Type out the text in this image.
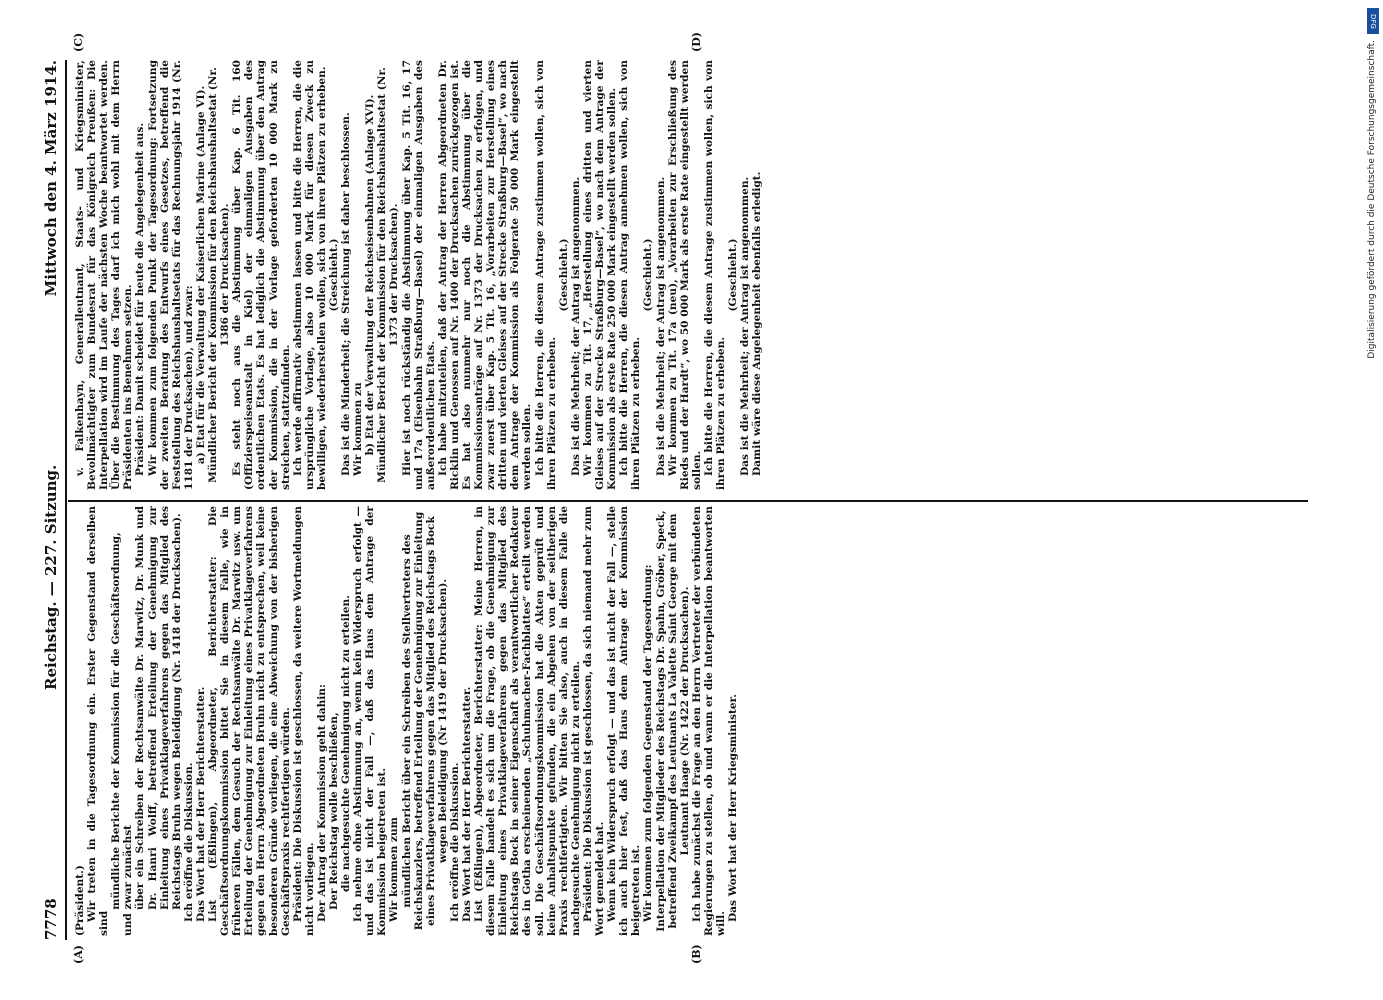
7778
Reichstag. — 227. Sitzung.
Mittwoch den 4. März 1914.
(A)	(B)
(C)	(D)

(Präsident.) Wir treten in die Tagesordnung ein. Erster Gegenstand derselben sind

mündliche Berichte der Kommission für die Geschäftsordnung, und zwar zunächst über ein Schreiben der Rechtsanwälte Dr. Marwitz, Dr. Munk und Dr. Hanri Wolff, betreffend Erteilung der Genehmigung zur Einleitung eines Privatklageverfahrens gegen das Mitglied des Reichstags Bruhn wegen Beleidigung (Nr. 1418 der Drucksachen). Ich eröffne die Diskussion. Das Wort hat der Herr Berichterstatter. List (Eßlingen), Abgeordneter, Berichterstatter: Die Geschäftsordnungskommission bittet Sie in diesem Falle, wie in früheren Fällen, dem Gesuch der Rechtsanwälte Dr. Marwitz usw. um Erteilung der Genehmigung zur Einleitung eines Privatklageverfahrens gegen den Herrn Abgeordneten Bruhn nicht zu entsprechen, weil keine besonderen Gründe vorliegen, die eine Abweichung von der bisherigen Geschäftspraxis rechtfertigen würden. Präsident: Die Diskussion ist geschlossen, da weitere Wortmeldungen nicht vorliegen. Der Antrag der Kommission geht dahin: Der Reichstag wolle beschließen, die nachgesuchte Genehmigung nicht zu erteilen. Ich nehme ohne Abstimmung an, wenn kein Widerspruch erfolgt — und das ist nicht der Fall —, daß das Haus dem Antrage der Kommission beigetreten ist. Wir kommen zum mündlichen Bericht über ein Schreiben des Stellvertreters des Reichskanzlers, betreffend Erteilung der Genehmigung zur Einleitung eines Privatklageverfahrens gegen das Mitglied des Reichstags Bock wegen Beleidigung (Nr 1419 der Drucksachen). Ich eröffne die Diskussion. Das Wort hat der Herr Berichterstatter. List (Eßlingen), Abgeordneter, Berichterstatter: Meine Herren, in diesem Falle handelt es sich um die Frage, ob die Genehmigung zur Einleitung eines Privatklageverfahrens gegen das Mitglied des Reichstags Bock in seiner Eigenschaft als verantwortlicher Redakteur des in Gotha erscheinenden „Schuhmacher-Fachblattes“ erteilt werden soll. Die Geschäftsordnungskommission hat die Akten geprüft und keine Anhaltspunkte gefunden, die ein Abgehen von der seitherigen Praxis rechtfertigten. Wir bitten Sie also, auch in diesem Falle die nachgesuchte Genehmigung nicht zu erteilen. Präsident: Die Diskussion ist geschlossen, da sich niemand mehr zum Wort gemeldet hat. Wenn kein Widerspruch erfolgt — und das ist nicht der Fall —, stelle ich auch hier fest, daß das Haus dem Antrage der Kommission beigetreten ist. Wir kommen zum folgenden Gegenstand der Tagesordnung: Interpellation der Mitglieder des Reichstags Dr. Spahn, Gröber, Speck, betreffend Zweikampf des Leutnants La Valette Saint George mit dem Leutnant Haage (Nr. 1422 der Drucksachen). Ich habe zunächst die Frage an den Herrn Vertreter der verbündeten Regierungen zu stellen, ob und wann er die Interpellation beantworten will.

Das Wort hat der Herr Kriegsminister.

v. Falkenhayn, Generalleutnant, Staats- und Kriegsminister, Bevollmächtigter zum Bundesrat für das Königreich Preußen: Die Interpellation wird im Laufe der nächsten Woche beantwortet werden. Über die Bestimmung des Tages darf ich mich wohl mit dem Herrn Präsidenten ins Benehmen setzen. Präsident: Damit scheidet für heute die Angelegenheit aus. Wir kommen zum folgenden Punkt der Tagesordnung: Fortsetzung der zweiten Beratung des Entwurfs eines Gesetzes, betreffend die Feststellung des Reichshaushaltsetats für das Rechnungsjahr 1914 (Nr. 1181 der Drucksachen), und zwar: a) Etat für die Verwaltung der Kaiserlichen Marine (Anlage VI). Mündlicher Bericht der Kommission für den Reichshaushaltsetat (Nr. 1386 der Drucksachen). Es steht noch aus die Abstimmung über Kap. 6 Tit. 160 (Offizierspeiseanstalt in Kiel) der einmaligen Ausgaben des ordentlichen Etats. Es hat lediglich die Abstimmung über den Antrag der Kommission, die in der Vorlage geforderten 10 000 Mark zu streichen, stattzufinden. Ich werde affirmativ abstimmen lassen und bitte die Herren, die die ursprüngliche Vorlage, also 10 000 Mark für diesen Zweck zu bewilligen, wiederherstellen wollen, sich von ihren Plätzen zu erheben. (Geschieht.) Das ist die Minderheit; die Streichung ist daher beschlossen. Wir kommen zu b) Etat der Verwaltung der Reichseisenbahnen (Anlage XVI). Mündlicher Bericht der Kommission für den Reichshaushaltsetat (Nr. 1373 der Drucksachen). Hier ist noch rückständig die Abstimmung über Kap. 5 Tit. 16, 17 und 17a (Eisenbahn Straßburg—Basel) der einmaligen Ausgaben des außerordentlichen Etats. Ich habe mitzuteilen, daß der Antrag der Herren Abgeordneten Dr. Ricklin und Genossen auf Nr. 1400 der Drucksachen zurückgezogen ist. Es hat also nunmehr nur noch die Abstimmung über die Kommissionsanträge auf Nr. 1373 der Drucksachen zu erfolgen, und zwar zuerst über Kap. 5 Tit. 16, „Vorarbeiten zur Herstellung eines dritten und vierten Gleises auf der Strecke Straßburg—Basel“, wo nach dem Antrage der Kommission als Folgerate 50 000 Mark eingestellt werden sollen. Ich bitte die Herren, die diesem Antrage zustimmen wollen, sich von ihren Plätzen zu erheben.

(Geschieht.) Das ist die Mehrheit; der Antrag ist angenommen. Wir kommen zu Tit. 17, „Herstellung eines dritten und vierten Gleises auf der Strecke Straßburg—Basel“, wo nach dem Antrage der Kommission als erste Rate 250 000 Mark eingestellt werden sollen. Ich bitte die Herren, die diesen Antrag annehmen wollen, sich von ihren Plätzen zu erheben.

(Geschieht.) Das ist die Mehrheit; der Antrag ist angenommen. Wir kommen zu Tit. 17a (neu), „Vorarbeiten zur Erschließung des Rieds und der Hardt“, wo 50 000 Mark als erste Rate eingestellt werden sollen. Ich bitte die Herren, die diesem Antrage zustimmen wollen, sich von ihren Plätzen zu erheben.

(Geschieht.) Das ist die Mehrheit; der Antrag ist angenommen. Damit wäre diese Angelegenheit ebenfalls erledigt.

DFG
Digitalisierung gefördert durch die Deutsche Forschungsgemeinschaft.
